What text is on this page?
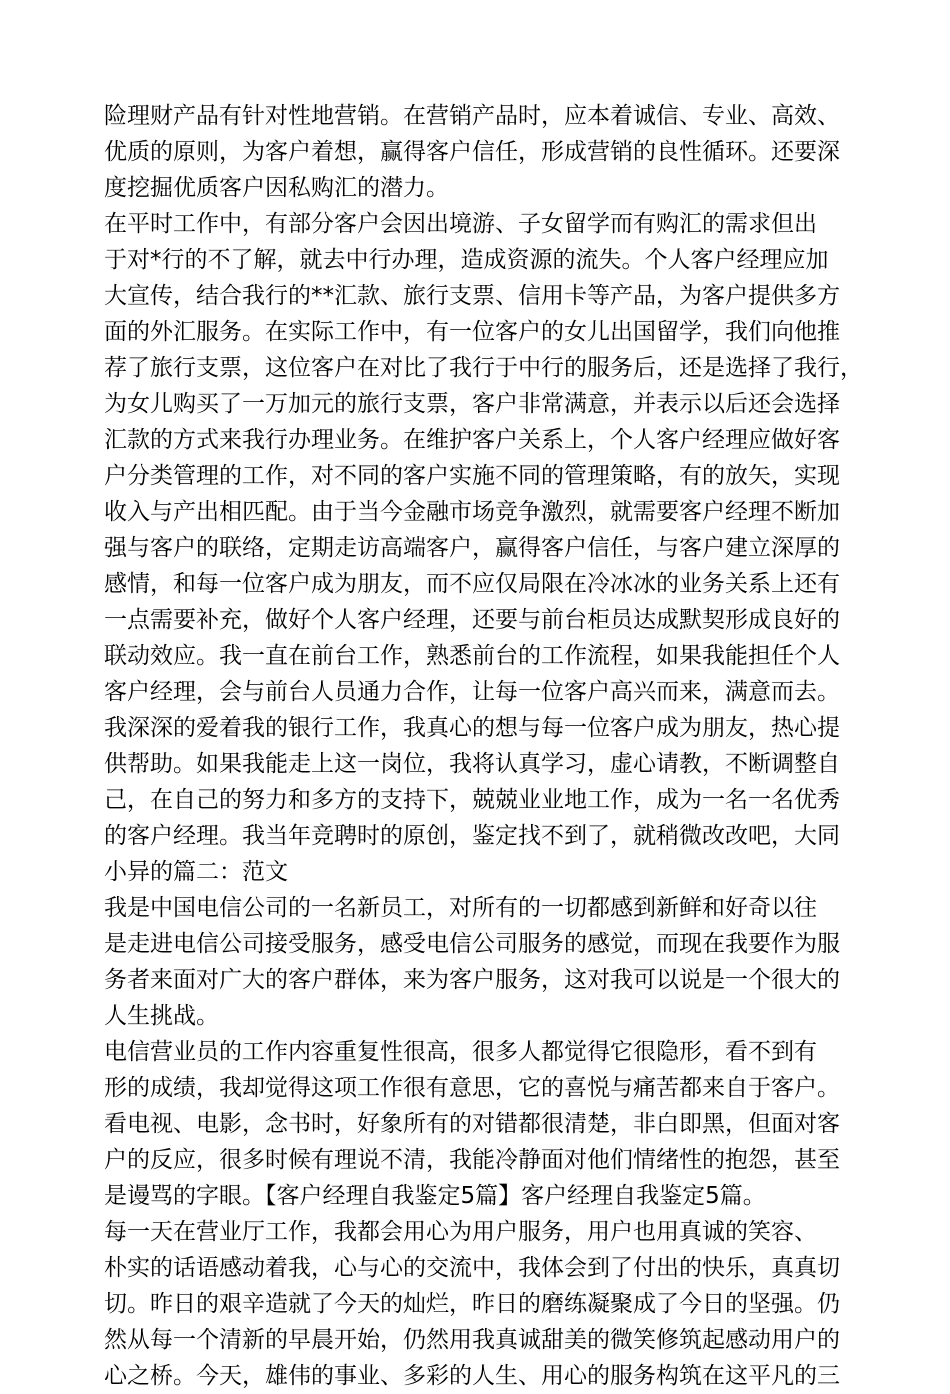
险理财产品有针对性地营销。在营销产品时，应本着诚信、专业、高效、
优质的原则，为客户着想，赢得客户信任，形成营销的良性循环。还要深
度挖掘优质客户因私购汇的潜力。
在平时工作中，有部分客户会因出境游、子女留学而有购汇的需求但出
于对*行的不了解，就去中行办理，造成资源的流失。个人客户经理应加
大宣传，结合我行的**汇款、旅行支票、信用卡等产品，为客户提供多方
面的外汇服务。在实际工作中，有一位客户的女儿出国留学，我们向他推
荐了旅行支票，这位客户在对比了我行于中行的服务后，还是选择了我行，
为女儿购买了一万加元的旅行支票，客户非常满意，并表示以后还会选择
汇款的方式来我行办理业务。在维护客户关系上，个人客户经理应做好客
户分类管理的工作，对不同的客户实施不同的管理策略，有的放矢，实现
收入与产出相匹配。由于当今金融市场竞争激烈，就需要客户经理不断加
强与客户的联络，定期走访高端客户，赢得客户信任，与客户建立深厚的
感情，和每一位客户成为朋友，而不应仅局限在冷冰冰的业务关系上还有
一点需要补充，做好个人客户经理，还要与前台柜员达成默契形成良好的
联动效应。我一直在前台工作，熟悉前台的工作流程，如果我能担任个人
客户经理，会与前台人员通力合作，让每一位客户高兴而来，满意而去。
我深深的爱着我的银行工作，我真心的想与每一位客户成为朋友，热心提
供帮助。如果我能走上这一岗位，我将认真学习，虚心请教，不断调整自
己，在自己的努力和多方的支持下，兢兢业业地工作，成为一名一名优秀
的客户经理。我当年竞聘时的原创，鉴定找不到了，就稍微改改吧，大同
小异的篇二：范文
我是中国电信公司的一名新员工，对所有的一切都感到新鲜和好奇以往
是走进电信公司接受服务，感受电信公司服务的感觉，而现在我要作为服
务者来面对广大的客户群体，来为客户服务，这对我可以说是一个很大的
人生挑战。
电信营业员的工作内容重复性很高，很多人都觉得它很隐形，看不到有
形的成绩，我却觉得这项工作很有意思，它的喜悦与痛苦都来自于客户。
看电视、电影，念书时，好象所有的对错都很清楚，非白即黑，但面对客
户的反应，很多时候有理说不清，我能冷静面对他们情绪性的抱怨，甚至
是谩骂的字眼。【客户经理自我鉴定5篇】客户经理自我鉴定5篇。
每一天在营业厅工作，我都会用心为用户服务，用户也用真诚的笑容、
朴实的话语感动着我，心与心的交流中，我体会到了付出的快乐，真真切
切。昨日的艰辛造就了今天的灿烂，昨日的磨练凝聚成了今日的坚强。仍
然从每一个清新的早晨开始，仍然用我真诚甜美的微笑修筑起感动用户的
心之桥。今天，雄伟的事业、多彩的人生、用心的服务构筑在这平凡的三
